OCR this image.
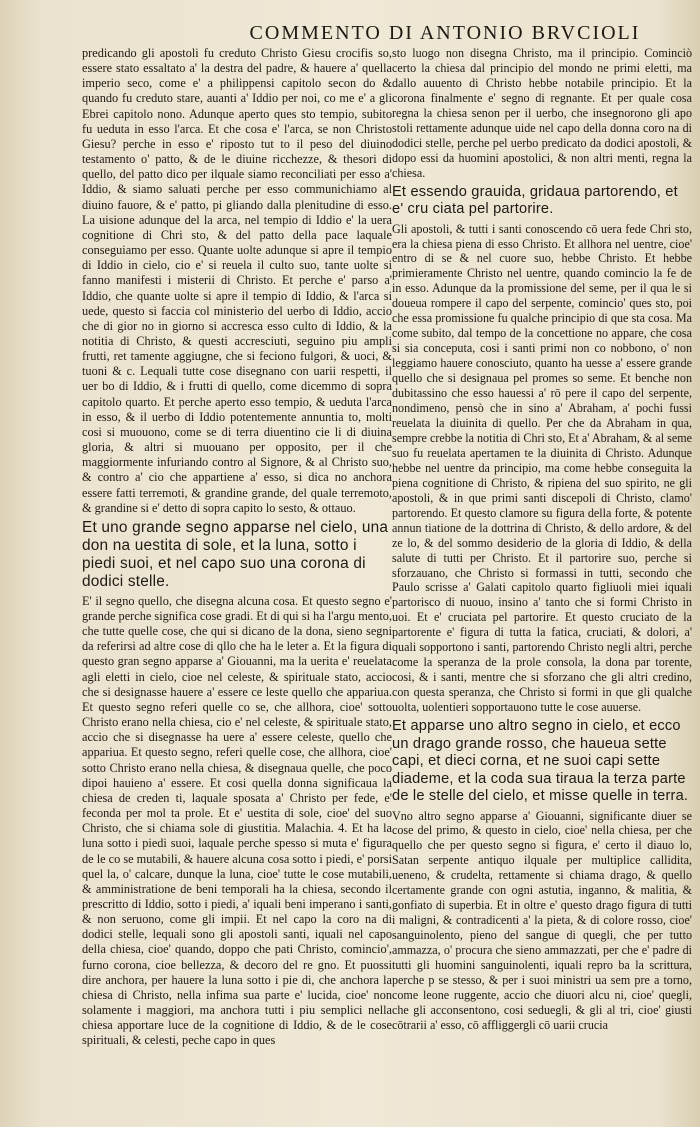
COMMENTO DI ANTONIO BRVCIOLI

predicando gli apostoli fu creduto Christo Giesu crocifis so, essere stato essaltato a' la destra del padre, & hauere a' quella imperio seco, come e' a philippensi capitolo secon do & quando fu creduto stare, auanti a' Iddio per noi, co me e' a gli Ebrei capitolo nono. Adunque aperto ques sto tempio, subito fu ueduta in esso l'arca. Et che cosa e' l'arca, se non Christo Giesu? perche in esso e' riposto tut to il peso del diuino testamento o' patto, & de le diuine ricchezze, & thesori di quello, del patto dico per ilquale siamo reconciliati per esso a' Iddio, & siamo saluati perche per esso communichiamo al diuino fauore, & e' patto, pi gliando dalla plenitudine di esso. La uisione adunque del la arca, nel tempio di Iddio e' la uera cognitione di Chri sto, & del patto della pace laquale conseguiamo per esso. Quante uolte adunque si apre il tempio di Iddio in cielo, cio e' si reuela il culto suo, tante uolte si fanno manifesti i misterii di Christo. Et perche e' parso a' Iddio, che quante uolte si apre il tempio di Iddio, & l'arca si uede, questo si faccia col ministerio del uerbo di Iddio, accio che di gior no in giorno si accresca esso culto di Iddio, & la notitia di Christo, & questi accresciuti, seguino piu ampli frutti, ret tamente aggiugne, che si feciono fulgori, & uoci, & tuoni & c. Lequali tutte cose disegnano con uarii respetti, il uer bo di Iddio, & i frutti di quello, come dicemmo di sopra capitolo quarto. Et perche aperto esso tempio, & ueduta l'arca in esso, & il uerbo di Iddio potentemente annuntia to, molti cosi si muouono, come se di terra diuentino cie li di diuina gloria, & altri si muouano per opposito, per il che maggiormente infuriando contro al Signore, & al Christo suo, & contro a' cio che appartiene a' esso, si dica no anchora essere fatti terremoti, & grandine grande, del quale terremoto, & grandine si e' detto di sopra capito lo sesto, & ottauo.

Et uno grande segno apparse nel cielo, una don na uestita di sole, et la luna, sotto i piedi suoi, et nel capo suo una corona di dodici stelle.

E' il segno quello, che disegna alcuna cosa. Et questo segno e' grande perche significa cose gradi. Et di qui si ha l'argu mento, che tutte quelle cose, che qui si dicano de la dona, sieno segni da referirsi ad altre cose di qllo che ha le leter a. Et la figura di questo gran segno apparse a' Giouanni, ma la uerita e' reuelata agli eletti in cielo, cioe nel celeste, & spirituale stato, accio che si designasse hauere a' essere ce leste quello che appariua. Et questo segno referi quelle co se, che allhora, cioe' sotto Christo erano nella chiesa, cio e' nel celeste, & spirituale stato, accio che si disegnasse ha uere a' essere celeste, quello che appariua. Et questo segno, referi quelle cose, che allhora, cioe' sotto Christo erano nella chiesa, & disegnaua quelle, che poco dipoi hauieno a' essere. Et cosi quella donna significaua la chiesa de creden ti, laquale sposata a' Christo per fede, e' feconda per mol ta prole. Et e' uestita di sole, cioe' del suo Christo, che si chiama sole di giustitia. Malachia. 4. Et ha la luna sotto i piedi suoi, laquale perche spesso si muta e' figura de le co se mutabili, & hauere alcuna cosa sotto i piedi, e' porsi quel la, o' calcare, dunque la luna, cioe' tutte le cose mutabili, & amministratione de beni temporali ha la chiesa, secondo il prescritto di Iddio, sotto i piedi, a' iquali beni imperano i santi, & non seruono, come gli impii. Et nel capo la coro na di dodici stelle, lequali sono gli apostoli santi, iquali nel capo della chiesa, cioe' quando, doppo che pati Christo, comincio', furno corona, cioe bellezza, & decoro del re gno. Et puossi dire anchora, per hauere la luna sotto i pie di, che anchora la chiesa di Christo, nella infima sua parte e' lucida, cioe' non solamente i maggiori, ma anchora tutti i piu semplici nella chiesa apportare luce de la cognitione di Iddio, & de le cose spirituali, & celesti, peche capo in ques

sto luogo non disegna Christo, ma il principio. Cominciò certo la chiesa dal principio del mondo ne primi eletti, ma dallo auuento di Christo hebbe notabile principio. Et la corona finalmente e' segno di regnante. Et per quale cosa regna la chiesa senon per il uerbo, che insegnorono gli apo stoli rettamente adunque uide nel capo della donna coro na di dodici stelle, perche pel uerbo predicato da dodici apostoli, & dopo essi da huomini apostolici, & non altri menti, regna la chiesa.

Et essendo grauida, gridaua partorendo, et e' cru ciata pel partorire.

Gli apostoli, & tutti i santi conoscendo cō uera fede Chri sto, era la chiesa piena di esso Christo. Et allhora nel uentre, cioe' entro di se & nel cuore suo, hebbe Christo. Et hebbe primieramente Christo nel uentre, quando comincio la fe de in esso. Adunque da la promissione del seme, per il qua le si doueua rompere il capo del serpente, comincio' ques sto, poi che essa promissione fu qualche principio di que sta cosa. Ma come subito, dal tempo de la concettione no appare, che cosa si sia conceputa, cosi i santi primi non co nobbono, o' non leggiamo hauere conosciuto, quanto ha uesse a' essere grande quello che si designaua pel promes so seme. Et benche non dubitassino che esso hauessi a' rō pere il capo del serpente, nondimeno, pensò che in sino a' Abraham, a' pochi fussi reuelata la diuinita di quello. Per che da Abraham in qua, sempre crebbe la notitia di Chri sto, Et a' Abraham, & al seme suo fu reuelata apertamen te la diuinita di Christo. Adunque hebbe nel uentre da principio, ma come hebbe conseguita la piena cognitione di Christo, & ripiena del suo spirito, ne gli apostoli, & in que primi santi discepoli di Christo, clamo' partorendo. Et questo clamore su figura della forte, & potente annun tiatione de la dottrina di Christo, & dello ardore, & del ze lo, & del sommo desiderio de la gloria di Iddio, & della salute di tutti per Christo. Et il partorire suo, perche si sforzauano, che Christo si formassi in tutti, secondo che Paulo scrisse a' Galati capitolo quarto figliuoli miei iquali partorisco di nuouo, insino a' tanto che si formi Christo in uoi. Et e' cruciata pel partorire. Et questo cruciato de la partorente e' figura di tutta la fatica, cruciati, & dolori, a' quali sopportono i santi, partorendo Christo negli altri, perche come la speranza de la prole consola, la dona par torente, cosi, & i santi, mentre che si sforzano che gli altri credino, con questa speranza, che Christo si formi in que gli qualche uolta, uolentieri sopportauono tutte le cose auuerse.

Et apparse uno altro segno in cielo, et ecco un drago grande rosso, che haueua sette capi, et dieci corna, et ne suoi capi sette diademe, et la coda sua tiraua la terza parte de le stelle del cielo, et misse quelle in terra.

Vno altro segno apparse a' Giouanni, significante diuer se cose del primo, & questo in cielo, cioe' nella chiesa, per che quello che per questo segno si figura, e' certo il diauo lo, Satan serpente antiquo ilquale per multiplice callidita, ueneno, & crudelta, rettamente si chiama drago, & quello certamente grande con ogni astutia, inganno, & malitia, & gonfiato di superbia. Et in oltre e' questo drago figura di tutti i maligni, & contradicenti a' la pieta, & di colore rosso, cioe' sanguinolento, pieno del sangue di quegli, che per tutto ammazza, o' procura che sieno ammazzati, per che e' padre di tutti gli huomini sanguinolenti, iquali repro ba la scrittura, perche p se stesso, & per i suoi ministri ua sem pre a torno, come leone ruggente, accio che diuori alcu ni, cioe' quegli, che gli acconsentono, cosi seduegli, & gli al tri, cioe' giusti cōtrarii a' esso, cō affliggergli cō uarii crucia
